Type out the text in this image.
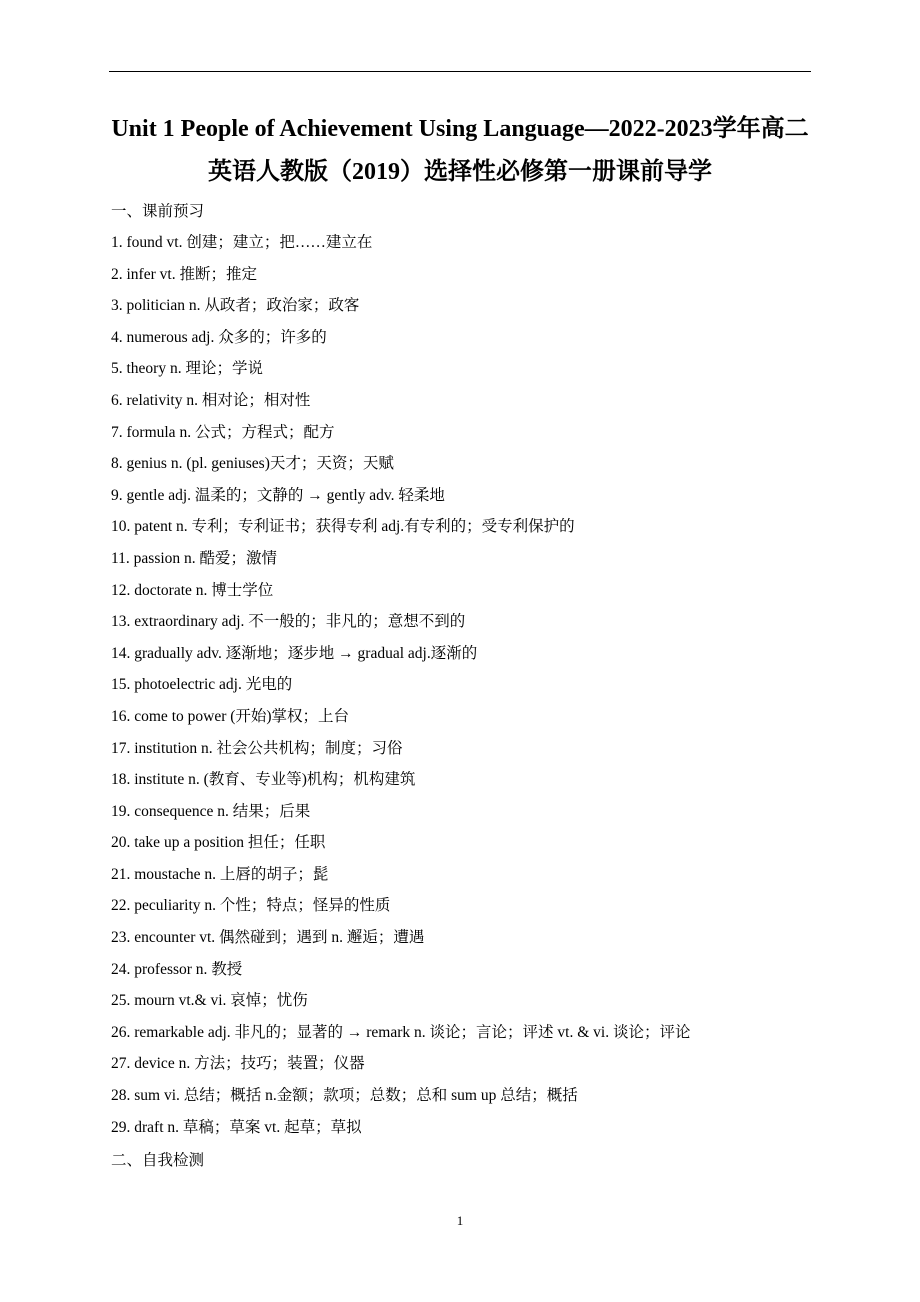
Unit 1 People of Achievement Using Language—2022-2023学年高二
英语人教版（2019）选择性必修第一册课前导学
一、课前预习
1. found vt. 创建；建立；把……建立在
2. infer vt. 推断；推定
3. politician n. 从政者；政治家；政客
4. numerous adj. 众多的；许多的
5. theory n. 理论；学说
6. relativity n. 相对论；相对性
7. formula n. 公式；方程式；配方
8. genius n. (pl. geniuses)天才；天资；天赋
9. gentle adj. 温柔的；文静的 → gently adv. 轻柔地
10. patent n. 专利；专利证书；获得专利 adj.有专利的；受专利保护的
11. passion n. 酷爱；激情
12. doctorate n. 博士学位
13. extraordinary adj. 不一般的；非凡的；意想不到的
14. gradually adv. 逐渐地；逐步地 → gradual adj.逐渐的
15. photoelectric adj. 光电的
16. come to power (开始)掌权；上台
17. institution n. 社会公共机构；制度；习俗
18. institute n. (教育、专业等)机构；机构建筑
19. consequence n. 结果；后果
20. take up a position 担任；任职
21. moustache n. 上唇的胡子；髭
22. peculiarity n. 个性；特点；怪异的性质
23. encounter vt. 偶然碰到；遇到 n. 邂逅；遭遇
24. professor n. 教授
25. mourn vt.& vi. 哀悼；忧伤
26. remarkable adj. 非凡的；显著的 → remark n. 谈论；言论；评述 vt. & vi. 谈论；评论
27. device n. 方法；技巧；装置；仪器
28. sum vi. 总结；概括 n.金额；款项；总数；总和 sum up 总结；概括
29. draft n. 草稿；草案 vt. 起草；草拟
二、自我检测
1
